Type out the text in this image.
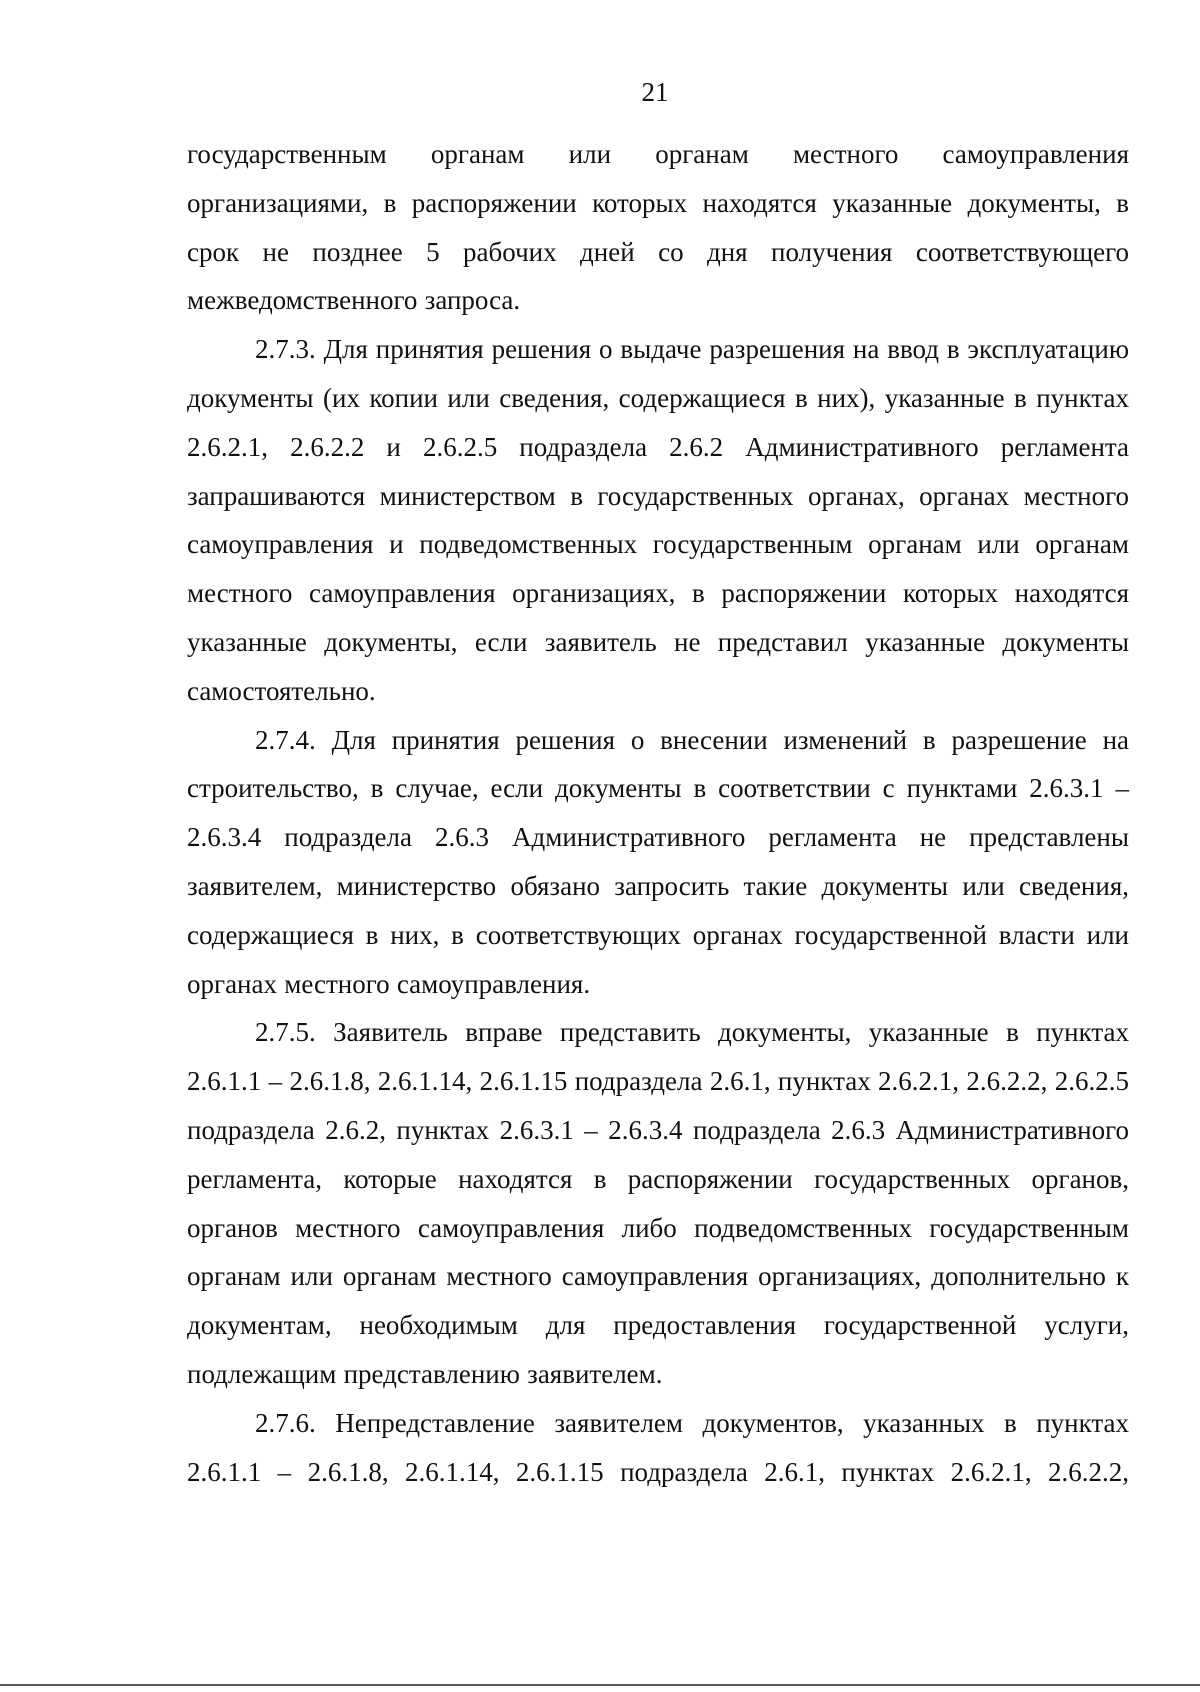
21

государственным органам или органам местного самоуправления организациями, в распоряжении которых находятся указанные документы, в срок не позднее 5 рабочих дней со дня получения соответствующего межведомственного запроса.

2.7.3. Для принятия решения о выдаче разрешения на ввод в эксплуатацию документы (их копии или сведения, содержащиеся в них), указанные в пунктах 2.6.2.1, 2.6.2.2 и 2.6.2.5 подраздела 2.6.2 Административного регламента запрашиваются министерством в государственных органах, органах местного самоуправления и подведомственных государственным органам или органам местного самоуправления организациях, в распоряжении которых находятся указанные документы, если заявитель не представил указанные документы самостоятельно.

2.7.4. Для принятия решения о внесении изменений в разрешение на строительство, в случае, если документы в соответствии с пунктами 2.6.3.1 – 2.6.3.4 подраздела 2.6.3 Административного регламента не представлены заявителем, министерство обязано запросить такие документы или сведения, содержащиеся в них, в соответствующих органах государственной власти или органах местного самоуправления.

2.7.5. Заявитель вправе представить документы, указанные в пунктах 2.6.1.1 – 2.6.1.8, 2.6.1.14, 2.6.1.15 подраздела 2.6.1, пунктах 2.6.2.1, 2.6.2.2, 2.6.2.5 подраздела 2.6.2, пунктах 2.6.3.1 – 2.6.3.4 подраздела 2.6.3 Административного регламента, которые находятся в распоряжении государственных органов, органов местного самоуправления либо подведомственных государственным органам или органам местного самоуправления организациях, дополнительно к документам, необходимым для предоставления государственной услуги, подлежащим представлению заявителем.

2.7.6. Непредставление заявителем документов, указанных в пунктах 2.6.1.1 – 2.6.1.8, 2.6.1.14, 2.6.1.15 подраздела 2.6.1, пунктах 2.6.2.1, 2.6.2.2,
